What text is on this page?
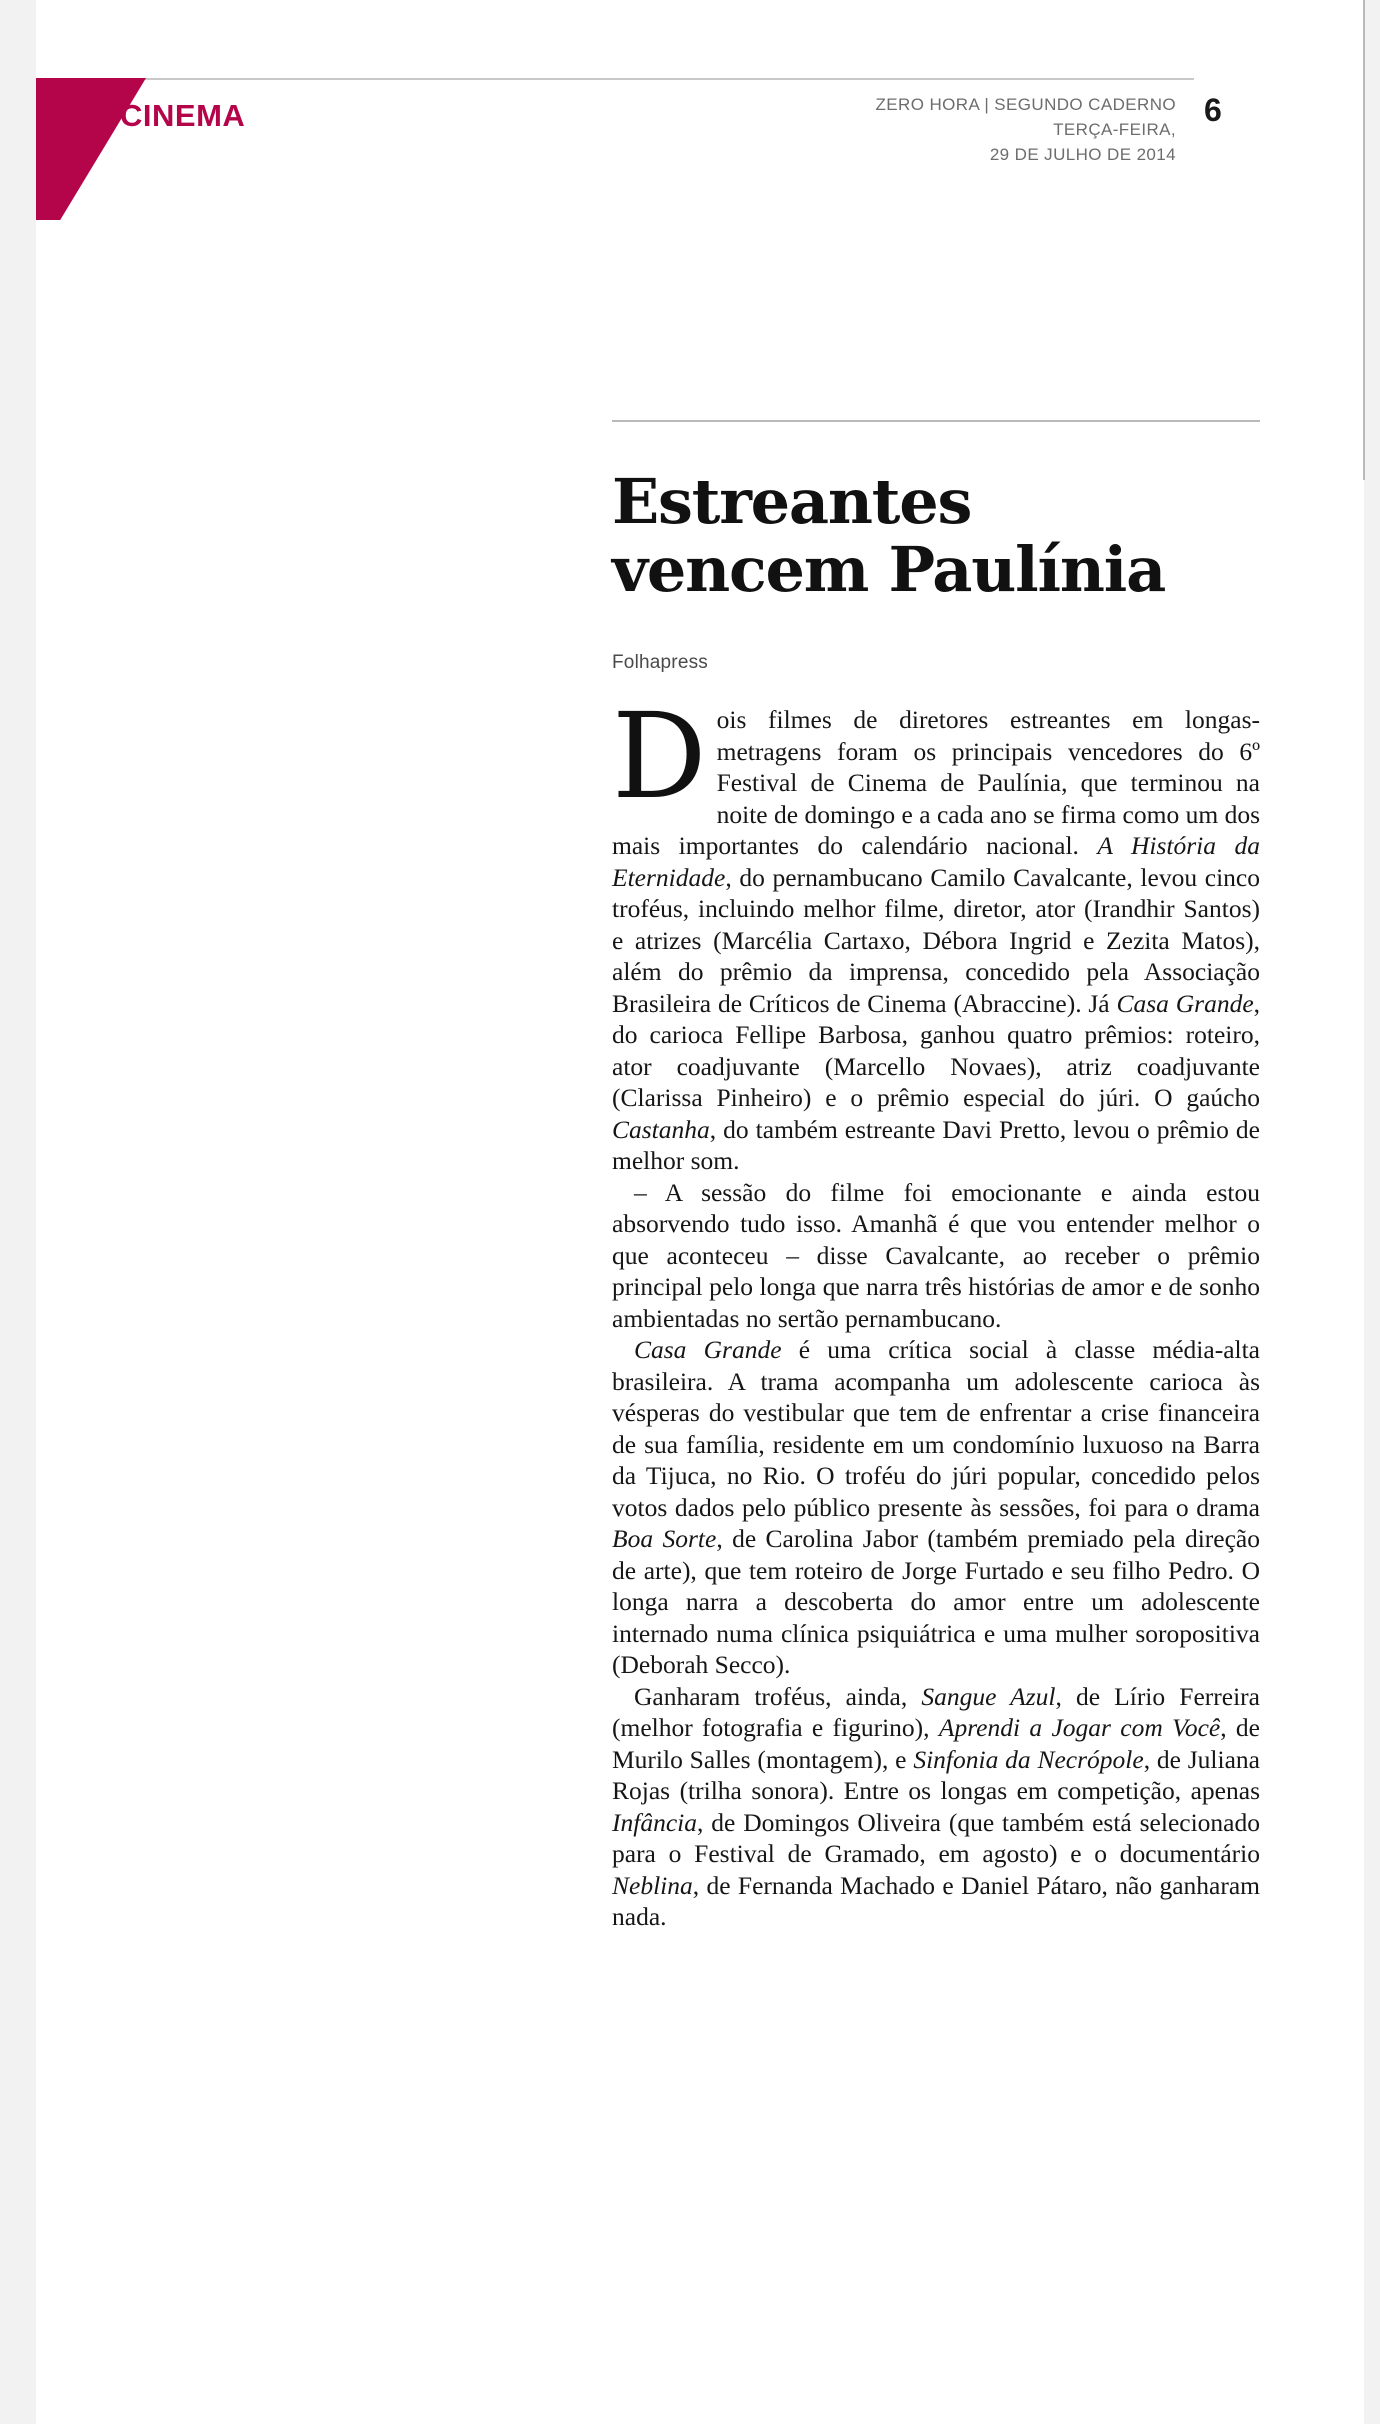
CINEMA	ZERO HORA | SEGUNDO CADERNO
TERÇA-FEIRA,
29 DE JULHO DE 2014
6
Estreantes
vencem Paulínia
Folhapress

Dois filmes de diretores estreantes em longas-metragens foram os principais vencedores do 6º Festival de Cinema de Paulínia, que terminou na noite de domingo e a cada ano se firma como um dos mais importantes do calendário nacional. A História da Eternidade, do pernambucano Camilo Cavalcante, levou cinco troféus, incluindo melhor filme, diretor, ator (Irandhir Santos) e atrizes (Marcélia Cartaxo, Débora Ingrid e Zezita Matos), além do prêmio da imprensa, concedido pela Associação Brasileira de Críticos de Cinema (Abraccine). Já Casa Grande, do carioca Fellipe Barbosa, ganhou quatro prêmios: roteiro, ator coadjuvante (Marcello Novaes), atriz coadjuvante (Clarissa Pinheiro) e o prêmio especial do júri. O gaúcho Castanha, do também estreante Davi Pretto, levou o prêmio de melhor som.

– A sessão do filme foi emocionante e ainda estou absorvendo tudo isso. Amanhã é que vou entender melhor o que aconteceu – disse Cavalcante, ao receber o prêmio principal pelo longa que narra três histórias de amor e de sonho ambientadas no sertão pernambucano.

Casa Grande é uma crítica social à classe média-alta brasileira. A trama acompanha um adolescente carioca às vésperas do vestibular que tem de enfrentar a crise financeira de sua família, residente em um condomínio luxuoso na Barra da Tijuca, no Rio. O troféu do júri popular, concedido pelos votos dados pelo público presente às sessões, foi para o drama Boa Sorte, de Carolina Jabor (também premiado pela direção de arte), que tem roteiro de Jorge Furtado e seu filho Pedro. O longa narra a descoberta do amor entre um adolescente internado numa clínica psiquiátrica e uma mulher soropositiva (Deborah Secco).

Ganharam troféus, ainda, Sangue Azul, de Lírio Ferreira (melhor fotografia e figurino), Aprendi a Jogar com Você, de Murilo Salles (montagem), e Sinfonia da Necrópole, de Juliana Rojas (trilha sonora). Entre os longas em competição, apenas Infância, de Domingos Oliveira (que também está selecionado para o Festival de Gramado, em agosto) e o documentário Neblina, de Fernanda Machado e Daniel Pátaro, não ganharam nada.
